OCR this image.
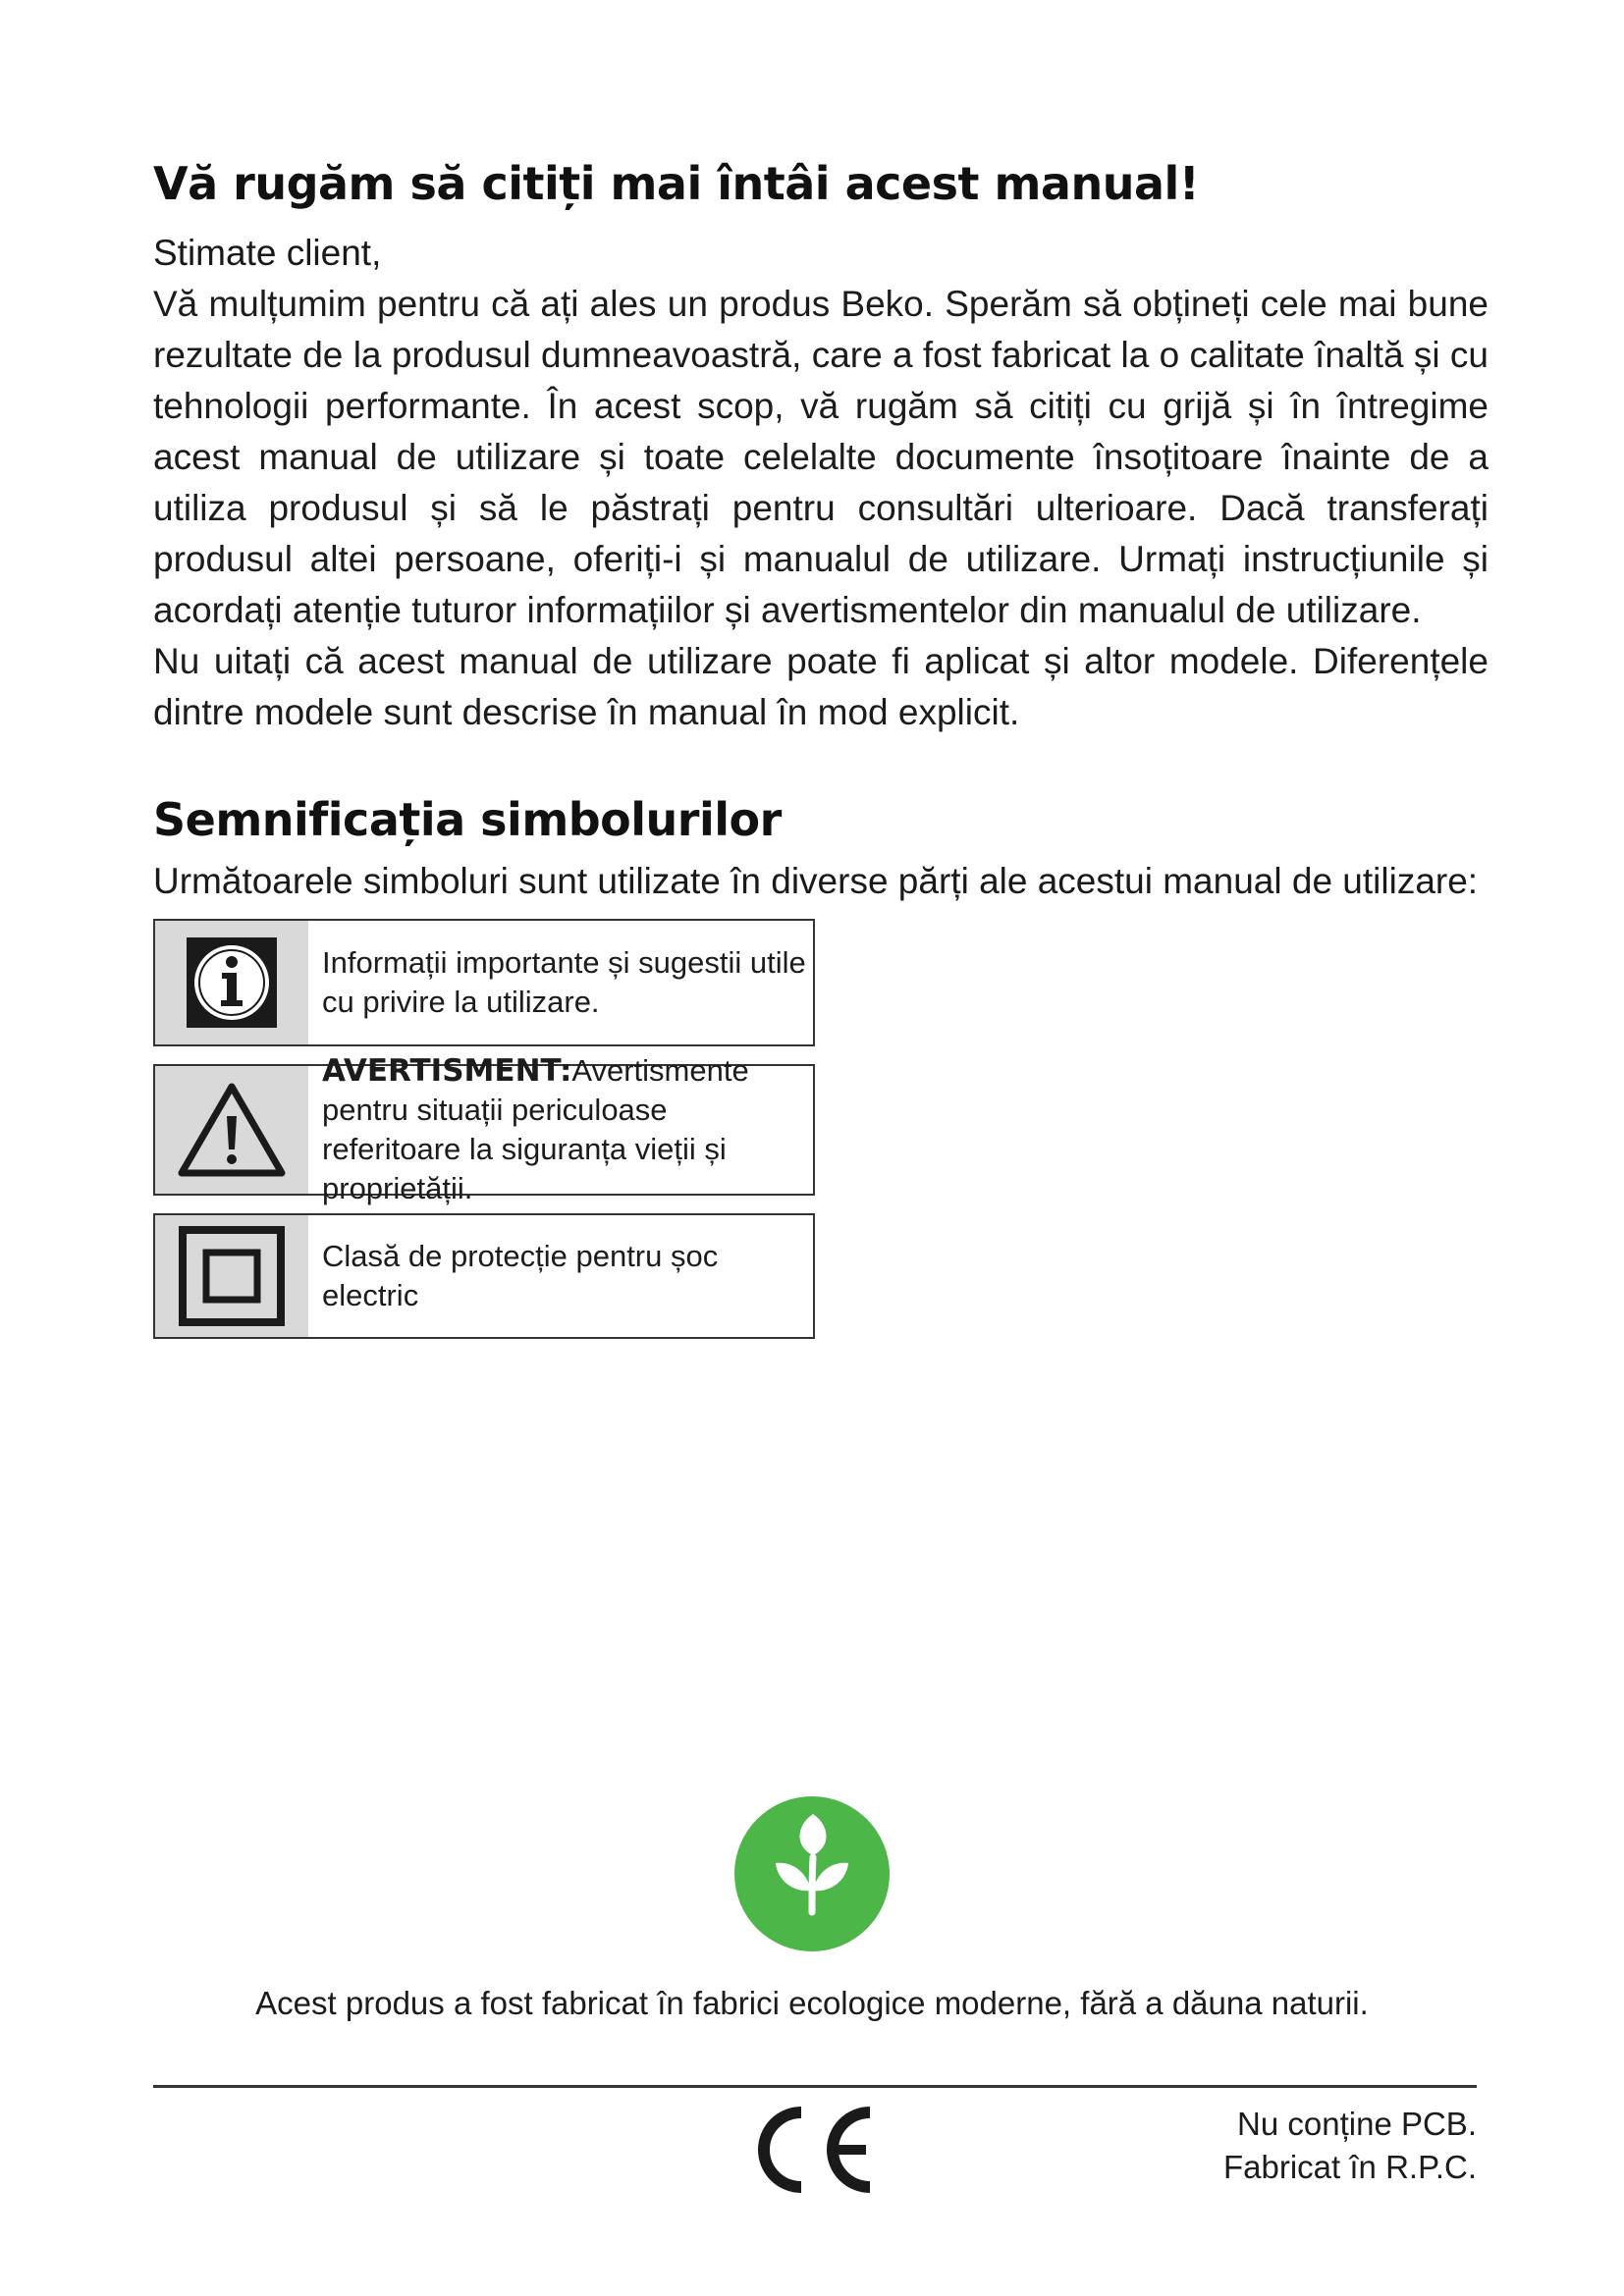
Vă rugăm să citiți mai întâi acest manual!

Stimate client,

Vă mulțumim pentru că ați ales un produs Beko. Sperăm să obțineți cele mai bune rezultate de la produsul dumneavoastră, care a fost fabricat la o calitate înaltă și cu tehnologii performante. În acest scop, vă rugăm să citiți cu grijă și în întregime acest manual de utilizare și toate celelalte documente însoțitoare înainte de a utiliza produsul și să le păstrați pentru consultări ulterioare. Dacă transferați produsul altei persoane, oferiți-i și manualul de utilizare. Urmați instrucțiunile și acordați atenție tuturor informațiilor și avertismentelor din manualul de utilizare.

Nu uitați că acest manual de utilizare poate fi aplicat și altor modele. Diferențele dintre modele sunt descrise în manual în mod explicit.

Semnificația simbolurilor

Următoarele simboluri sunt utilizate în diverse părți ale acestui manual de utilizare:

Informații importante și sugestii utile cu privire la utilizare.
AVERTISMENT:Avertismente pentru situații periculoase referitoare la siguranța vieții și proprietății.
Clasă de protecție pentru șoc electric
Acest produs a fost fabricat în fabrici ecologice moderne, fără a dăuna naturii.
Nu conține PCB.
Fabricat în R.P.C.
